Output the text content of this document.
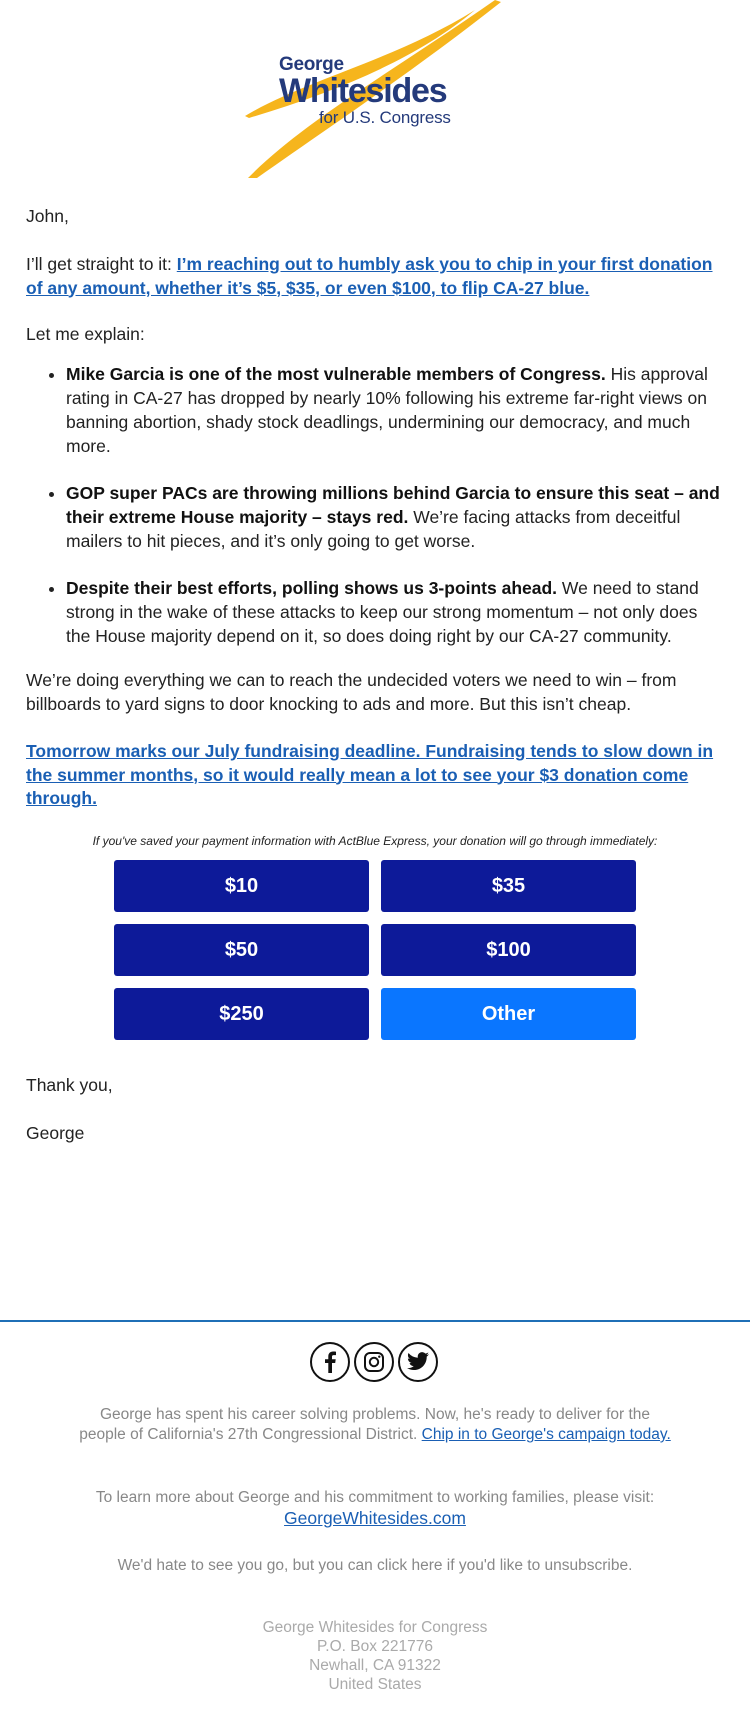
George
Whitesides
for U.S. Congress

John,

I’ll get straight to it: I’m reaching out to humbly ask you to chip in your first donation of any amount, whether it’s $5, $35, or even $100, to flip CA-27 blue.

Let me explain:

• Mike Garcia is one of the most vulnerable members of Congress. His approval rating in CA-27 has dropped by nearly 10% following his extreme far-right views on banning abortion, shady stock deadlings, undermining our democracy, and much more.
• GOP super PACs are throwing millions behind Garcia to ensure this seat – and their extreme House majority – stays red. We’re facing attacks from deceitful mailers to hit pieces, and it’s only going to get worse.
• Despite their best efforts, polling shows us 3-points ahead. We need to stand strong in the wake of these attacks to keep our strong momentum – not only does the House majority depend on it, so does doing right by our CA-27 community.

We’re doing everything we can to reach the undecided voters we need to win – from billboards to yard signs to door knocking to ads and more. But this isn’t cheap.

Tomorrow marks our July fundraising deadline. Fundraising tends to slow down in the summer months, so it would really mean a lot to see your $3 donation come through.

If you've saved your payment information with ActBlue Express, your donation will go through immediately:
$10	$35
$50	$100
$250	Other

Thank you,

George

George has spent his career solving problems. Now, he's ready to deliver for the people of California's 27th Congressional District. Chip in to George's campaign today.

To learn more about George and his commitment to working families, please visit:
GeorgeWhitesides.com

We'd hate to see you go, but you can click here if you'd like to unsubscribe.

George Whitesides for Congress
P.O. Box 221776
Newhall, CA 91322
United States
